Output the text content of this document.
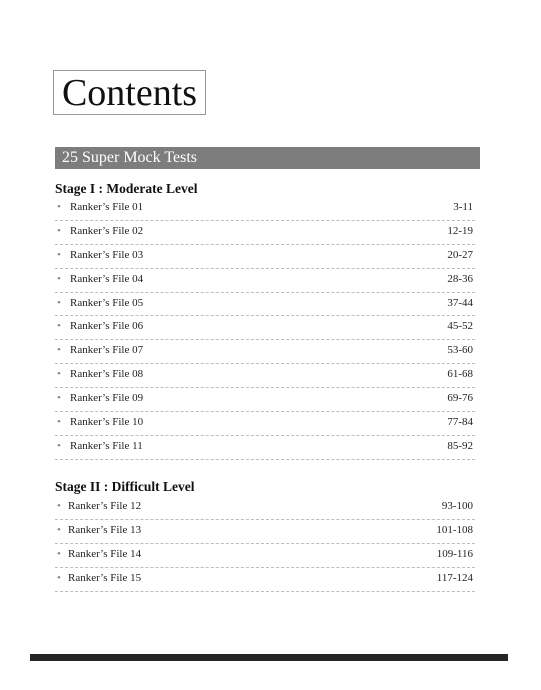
Contents
25 Super Mock Tests
Stage I : Moderate Level
• Ranker’s File 01	3-11
• Ranker’s File 02	12-19
• Ranker’s File 03	20-27
• Ranker’s File 04	28-36
• Ranker’s File 05	37-44
• Ranker’s File 06	45-52
• Ranker’s File 07	53-60
• Ranker’s File 08	61-68
• Ranker’s File 09	69-76
• Ranker’s File 10	77-84
• Ranker’s File 11	85-92
Stage II : Difficult Level
• Ranker’s File 12	93-100
• Ranker’s File 13	101-108
• Ranker’s File 14	109-116
• Ranker’s File 15	117-124
